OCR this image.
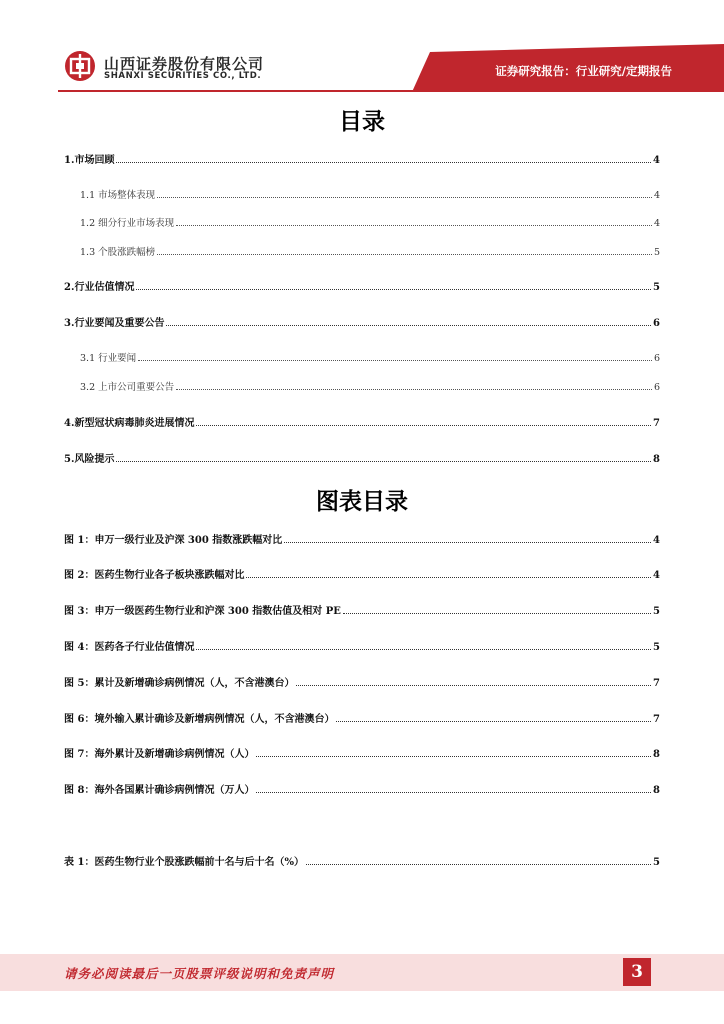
山西证券股份有限公司
SHANXI SECURITIES CO., LTD.	证券研究报告：行业研究/定期报告
目录
1.市场回顾	4
1.1 市场整体表现	4
1.2 细分行业市场表现	4
1.3 个股涨跌幅榜	5
2.行业估值情况	5
3.行业要闻及重要公告	6
3.1 行业要闻	6
3.2 上市公司重要公告	6
4.新型冠状病毒肺炎进展情况	7
5.风险提示	8
图表目录
图 1：申万一级行业及沪深 300 指数涨跌幅对比	4
图 2：医药生物行业各子板块涨跌幅对比	4
图 3：申万一级医药生物行业和沪深 300 指数估值及相对 PE	5
图 4：医药各子行业估值情况	5
图 5：累计及新增确诊病例情况（人，不含港澳台）	7
图 6：境外输入累计确诊及新增病例情况（人，不含港澳台）	7
图 7：海外累计及新增确诊病例情况（人）	8
图 8：海外各国累计确诊病例情况（万人）	8
表 1：医药生物行业个股涨跌幅前十名与后十名（%）	5
请务必阅读最后一页股票评级说明和免责声明	3
